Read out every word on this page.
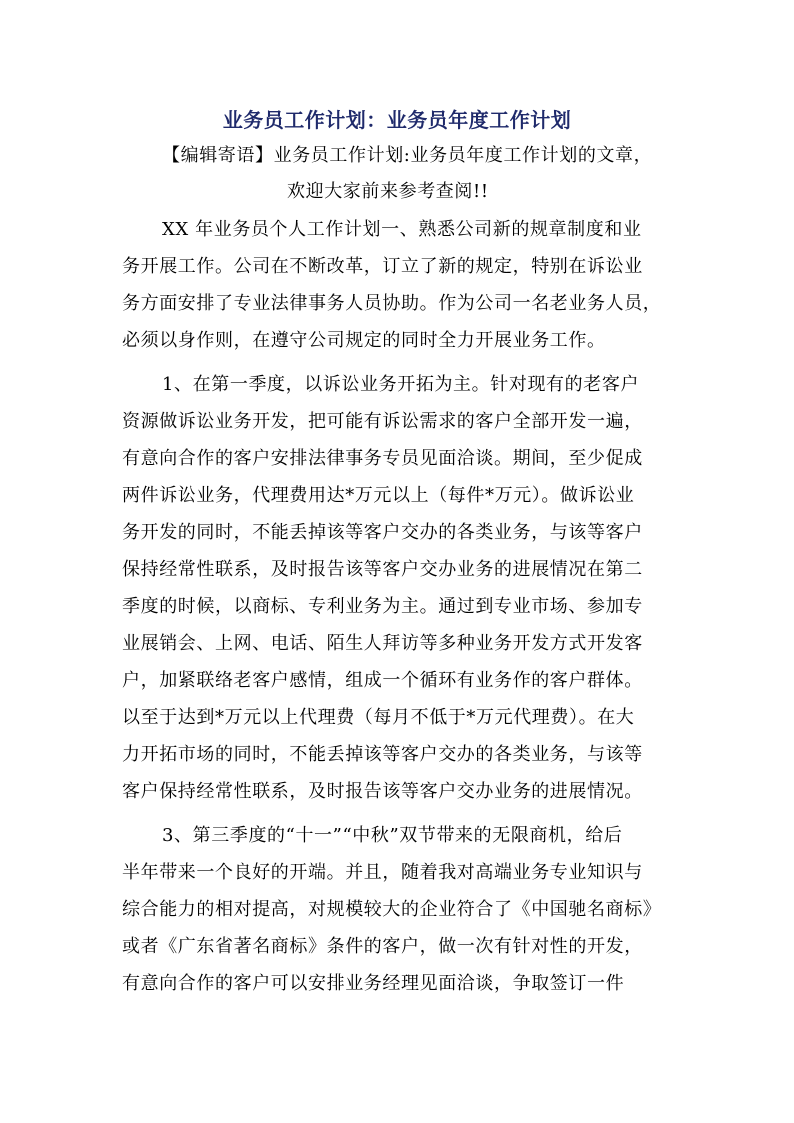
业务员工作计划：业务员年度工作计划
【编辑寄语】业务员工作计划:业务员年度工作计划的文章，
欢迎大家前来参考查阅!!
XX 年业务员个人工作计划一、熟悉公司新的规章制度和业
务开展工作。公司在不断改革，订立了新的规定，特别在诉讼业
务方面安排了专业法律事务人员协助。作为公司一名老业务人员，
必须以身作则，在遵守公司规定的同时全力开展业务工作。
1、在第一季度，以诉讼业务开拓为主。针对现有的老客户
资源做诉讼业务开发，把可能有诉讼需求的客户全部开发一遍，
有意向合作的客户安排法律事务专员见面洽谈。期间，至少促成
两件诉讼业务，代理费用达*万元以上（每件*万元）。做诉讼业
务开发的同时，不能丢掉该等客户交办的各类业务，与该等客户
保持经常性联系，及时报告该等客户交办业务的进展情况在第二
季度的时候，以商标、专利业务为主。通过到专业市场、参加专
业展销会、上网、电话、陌生人拜访等多种业务开发方式开发客
户，加紧联络老客户感情，组成一个循环有业务作的客户群体。
以至于达到*万元以上代理费（每月不低于*万元代理费）。在大
力开拓市场的同时，不能丢掉该等客户交办的各类业务，与该等
客户保持经常性联系，及时报告该等客户交办业务的进展情况。
3、第三季度的“十一”“中秋”双节带来的无限商机，给后
半年带来一个良好的开端。并且，随着我对高端业务专业知识与
综合能力的相对提高，对规模较大的企业符合了《中国驰名商标》
或者《广东省著名商标》条件的客户，做一次有针对性的开发，
有意向合作的客户可以安排业务经理见面洽谈，争取签订一件
